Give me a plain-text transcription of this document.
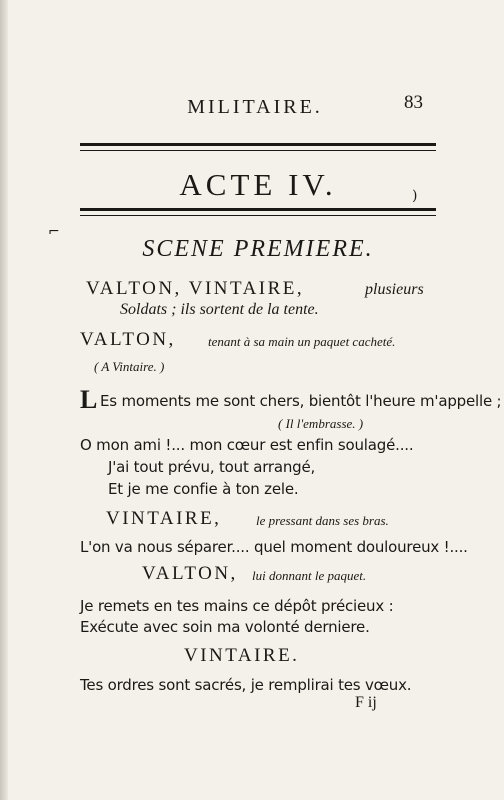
MILITAIRE.	83
ACTE IV.
⌐
)
SCENE PREMIERE.
VALTON, VINTAIRE,	plusieurs
Soldats ; ils sortent de la tente.
VALTON, tenant à sa main un paquet cacheté.
( A Vintaire. )
L Es moments me sont chers, bientôt l'heure m'appelle ;
( Il l'embrasse. )
O mon ami !... mon cœur est enfin soulagé....
J'ai tout prévu, tout arrangé,
Et je me confie à ton zele.
VINTAIRE,	le pressant dans ses bras.
L'on va nous séparer.... quel moment douloureux !....
VALTON, lui donnant le paquet.
Je remets en tes mains ce dépôt précieux :
Exécute avec soin ma volonté derniere.
VINTAIRE.
Tes ordres sont sacrés, je remplirai tes vœux.
F ij
